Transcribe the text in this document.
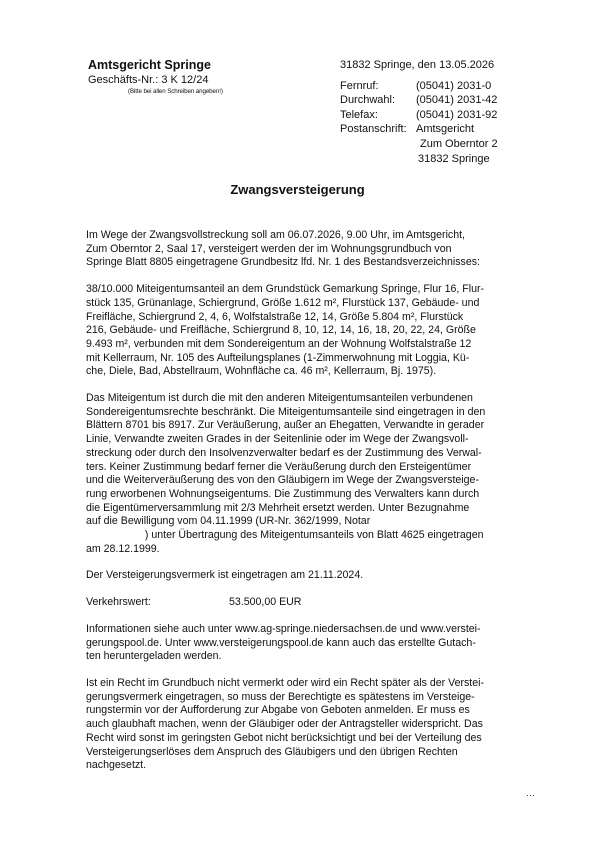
Amtsgericht Springe
Geschäfts-Nr.: 3 K 12/24
(Bitte bei allen Schreiben angeben!)
31832 Springe, den 13.05.2026
Fernruf:	(05041) 2031-0
Durchwahl:	(05041) 2031-42
Telefax:	(05041) 2031-92
Postanschrift: Amtsgericht
Zum Oberntor 2
31832 Springe
Zwangsversteigerung

Im Wege der Zwangsvollstreckung soll am 06.07.2026, 9.00 Uhr, im Amtsgericht,
Zum Oberntor 2, Saal 17, versteigert werden der im Wohnungsgrundbuch von
Springe Blatt 8805 eingetragene Grundbesitz lfd. Nr. 1 des Bestandsverzeichnisses:

38/10.000 Miteigentumsanteil an dem Grundstück Gemarkung Springe, Flur 16, Flur-
stück 135, Grünanlage, Schiergrund, Größe 1.612 m², Flurstück 137, Gebäude- und
Freifläche, Schiergrund 2, 4, 6, Wolfstalstraße 12, 14, Größe 5.804 m², Flurstück
216, Gebäude- und Freifläche, Schiergrund 8, 10, 12, 14, 16, 18, 20, 22, 24, Größe
9.493 m², verbunden mit dem Sondereigentum an der Wohnung Wolfstalstraße 12
mit Kellerraum, Nr. 105 des Aufteilungsplanes (1-Zimmerwohnung mit Loggia, Kü-
che, Diele, Bad, Abstellraum, Wohnfläche ca. 46 m², Kellerraum, Bj. 1975).

Das Miteigentum ist durch die mit den anderen Miteigentumsanteilen verbundenen
Sondereigentumsrechte beschränkt. Die Miteigentumsanteile sind eingetragen in den
Blättern 8701 bis 8917. Zur Veräußerung, außer an Ehegatten, Verwandte in gerader
Linie, Verwandte zweiten Grades in der Seitenlinie oder im Wege der Zwangsvoll-
streckung oder durch den Insolvenzverwalter bedarf es der Zustimmung des Verwal-
ters. Keiner Zustimmung bedarf ferner die Veräußerung durch den Ersteigentümer
und die Weiterveräußerung des von den Gläubigern im Wege der Zwangsversteige-
rung erworbenen Wohnungseigentums. Die Zustimmung des Verwalters kann durch
die Eigentümerversammlung mit 2/3 Mehrheit ersetzt werden. Unter Bezugnahme
auf die Bewilligung vom 04.11.1999 (UR-Nr. 362/1999, Notar
) unter Übertragung des Miteigentumsanteils von Blatt 4625 eingetragen
am 28.12.1999.

Der Versteigerungsvermerk ist eingetragen am 21.11.2024.

Verkehrswert:	53.500,00 EUR

Informationen siehe auch unter www.ag-springe.niedersachsen.de und www.verstei-
gerungspool.de. Unter www.versteigerungspool.de kann auch das erstellte Gutach-
ten heruntergeladen werden.

Ist ein Recht im Grundbuch nicht vermerkt oder wird ein Recht später als der Verstei-
gerungsvermerk eingetragen, so muss der Berechtigte es spätestens im Versteige-
rungstermin vor der Aufforderung zur Abgabe von Geboten anmelden. Er muss es
auch glaubhaft machen, wenn der Gläubiger oder der Antragsteller widerspricht. Das
Recht wird sonst im geringsten Gebot nicht berücksichtigt und bei der Verteilung des
Versteigerungserlöses dem Anspruch des Gläubigers und den übrigen Rechten
nachgesetzt.

…
